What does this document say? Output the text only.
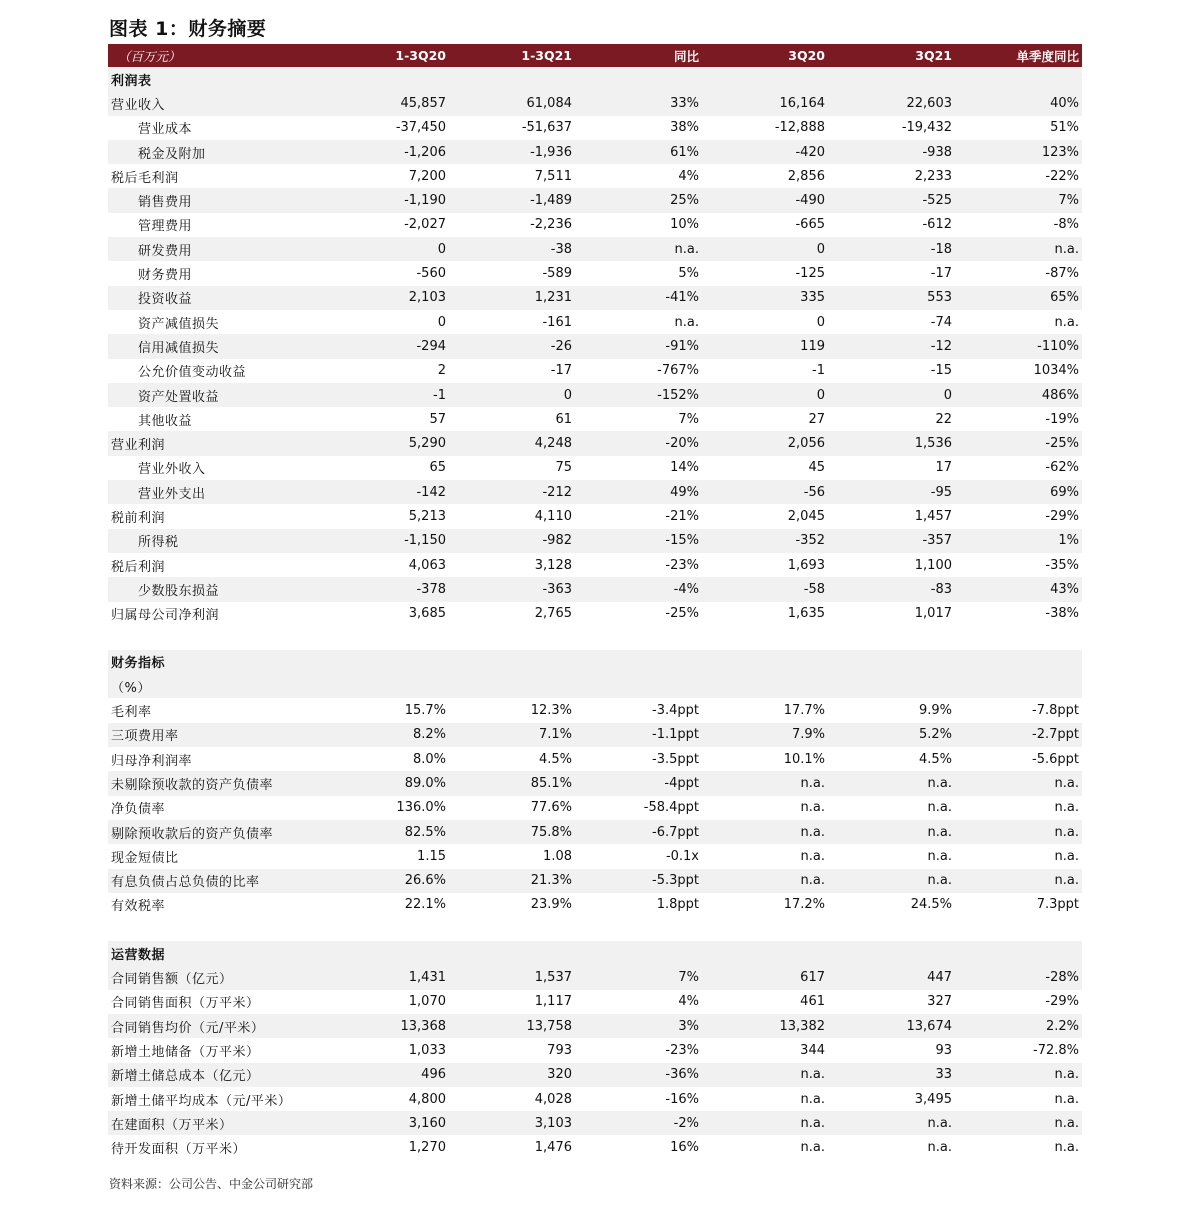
图表 1：财务摘要
（百万元）	1-3Q20	1-3Q21	同比	3Q20	3Q21	单季度同比
利润表						
营业收入	45,857	61,084	33%	16,164	22,603	40%
营业成本	-37,450	-51,637	38%	-12,888	-19,432	51%
税金及附加	-1,206	-1,936	61%	-420	-938	123%
税后毛利润	7,200	7,511	4%	2,856	2,233	-22%
销售费用	-1,190	-1,489	25%	-490	-525	7%
管理费用	-2,027	-2,236	10%	-665	-612	-8%
研发费用	0	-38	n.a.	0	-18	n.a.
财务费用	-560	-589	5%	-125	-17	-87%
投资收益	2,103	1,231	-41%	335	553	65%
资产减值损失	0	-161	n.a.	0	-74	n.a.
信用减值损失	-294	-26	-91%	119	-12	-110%
公允价值变动收益	2	-17	-767%	-1	-15	1034%
资产处置收益	-1	0	-152%	0	0	486%
其他收益	57	61	7%	27	22	-19%
营业利润	5,290	4,248	-20%	2,056	1,536	-25%
营业外收入	65	75	14%	45	17	-62%
营业外支出	-142	-212	49%	-56	-95	69%
税前利润	5,213	4,110	-21%	2,045	1,457	-29%
所得税	-1,150	-982	-15%	-352	-357	1%
税后利润	4,063	3,128	-23%	1,693	1,100	-35%
少数股东损益	-378	-363	-4%	-58	-83	43%
归属母公司净利润	3,685	2,765	-25%	1,635	1,017	-38%

财务指标						
（%）						
毛利率	15.7%	12.3%	-3.4ppt	17.7%	9.9%	-7.8ppt
三项费用率	8.2%	7.1%	-1.1ppt	7.9%	5.2%	-2.7ppt
归母净利润率	8.0%	4.5%	-3.5ppt	10.1%	4.5%	-5.6ppt
未剔除预收款的资产负债率	89.0%	85.1%	-4ppt	n.a.	n.a.	n.a.
净负债率	136.0%	77.6%	-58.4ppt	n.a.	n.a.	n.a.
剔除预收款后的资产负债率	82.5%	75.8%	-6.7ppt	n.a.	n.a.	n.a.
现金短债比	1.15	1.08	-0.1x	n.a.	n.a.	n.a.
有息负债占总负债的比率	26.6%	21.3%	-5.3ppt	n.a.	n.a.	n.a.
有效税率	22.1%	23.9%	1.8ppt	17.2%	24.5%	7.3ppt

运营数据						
合同销售额（亿元）	1,431	1,537	7%	617	447	-28%
合同销售面积（万平米）	1,070	1,117	4%	461	327	-29%
合同销售均价（元/平米）	13,368	13,758	3%	13,382	13,674	2.2%
新增土地储备（万平米）	1,033	793	-23%	344	93	-72.8%
新增土储总成本（亿元）	496	320	-36%	n.a.	33	n.a.
新增土储平均成本（元/平米）	4,800	4,028	-16%	n.a.	3,495	n.a.
在建面积（万平米）	3,160	3,103	-2%	n.a.	n.a.	n.a.
待开发面积（万平米）	1,270	1,476	16%	n.a.	n.a.	n.a.
资料来源：公司公告、中金公司研究部
